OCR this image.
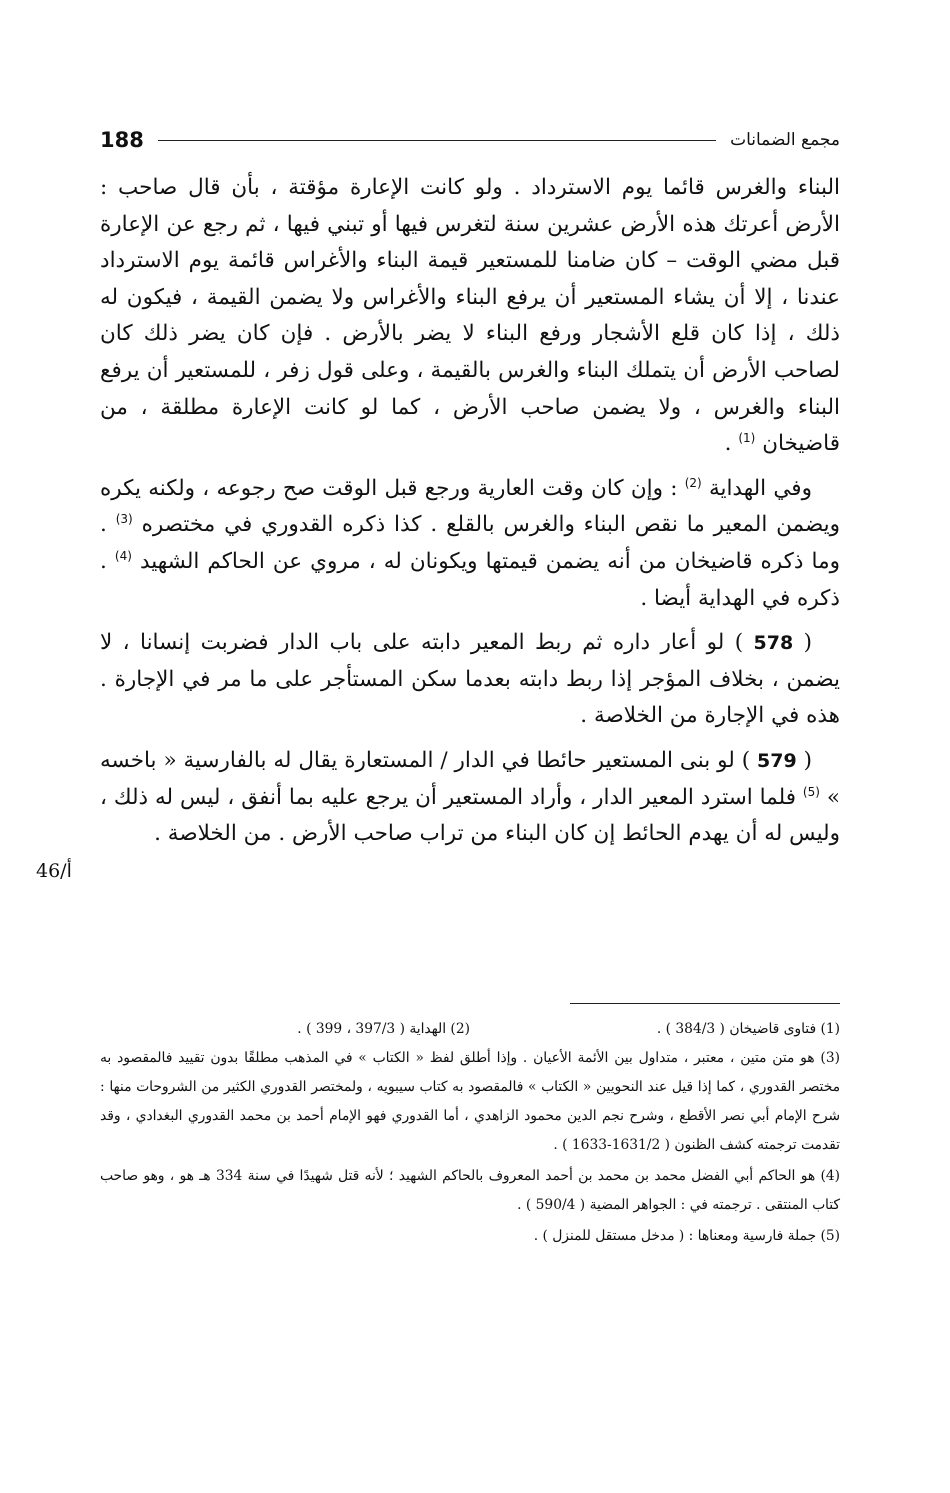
188	مجمع الضمانات
46/أ

البناء والغرس قائما يوم الاسترداد . ولو كانت الإعارة مؤقتة ، بأن قال صاحب : الأرض أعرتك هذه الأرض عشرين سنة لتغرس فيها أو تبني فيها ، ثم رجع عن الإعارة قبل مضي الوقت – كان ضامنا للمستعير قيمة البناء والأغراس قائمة يوم الاسترداد عندنا ، إلا أن يشاء المستعير أن يرفع البناء والأغراس ولا يضمن القيمة ، فيكون له ذلك ، إذا كان قلع الأشجار ورفع البناء لا يضر بالأرض . فإن كان يضر ذلك كان لصاحب الأرض أن يتملك البناء والغرس بالقيمة ، وعلى قول زفر ، للمستعير أن يرفع البناء والغرس ، ولا يضمن صاحب الأرض ، كما لو كانت الإعارة مطلقة ، من قاضيخان $^{(1)}$ .

وفي الهداية $^{(2)}$ : وإن كان وقت العارية ورجع قبل الوقت صح رجوعه ، ولكنه يكره ويضمن المعير ما نقص البناء والغرس بالقلع . كذا ذكره القدوري في مختصره $^{(3)}$ . وما ذكره قاضيخان من أنه يضمن قيمتها ويكونان له ، مروي عن الحاكم الشهيد $^{(4)}$ . ذكره في الهداية أيضا .

( 578 ) لو أعار داره ثم ربط المعير دابته على باب الدار فضربت إنسانا ، لا يضمن ، بخلاف المؤجر إذا ربط دابته بعدما سكن المستأجر على ما مر في الإجارة . هذه في الإجارة من الخلاصة .

( 579 ) لو بنى المستعير حائطا في الدار / المستعارة يقال له بالفارسية « باخسه » $^{(5)}$ فلما استرد المعير الدار ، وأراد المستعير أن يرجع عليه بما أنفق ، ليس له ذلك ، وليس له أن يهدم الحائط إن كان البناء من تراب صاحب الأرض . من الخلاصة .

(1) فتاوى قاضيخان ( 384/3 ) .
(2) الهداية ( 397/3 ، 399 ) .

(3) هو متن متين ، معتبر ، متداول بين الأئمة الأعيان . وإذا أطلق لفظ « الكتاب » في المذهب مطلقًا بدون تقييد فالمقصود به مختصر القدوري ، كما إذا قيل عند النحويين « الكتاب » فالمقصود به كتاب سيبويه ، ولمختصر القدوري الكثير من الشروحات منها : شرح الإمام أبي نصر الأقطع ، وشرح نجم الدين محمود الزاهدي ، أما القدوري فهو الإمام أحمد بن محمد القدوري البغدادي ، وقد تقدمت ترجمته كشف الظنون ( 1631/2-1633 ) .

(4) هو الحاكم أبي الفضل محمد بن محمد بن أحمد المعروف بالحاكم الشهيد ؛ لأنه قتل شهيدًا في سنة 334 هـ هو ، وهو صاحب كتاب المنتقى . ترجمته في : الجواهر المضية ( 590/4 ) .

(5) جملة فارسية ومعناها : ( مدخل مستقل للمنزل ) .
